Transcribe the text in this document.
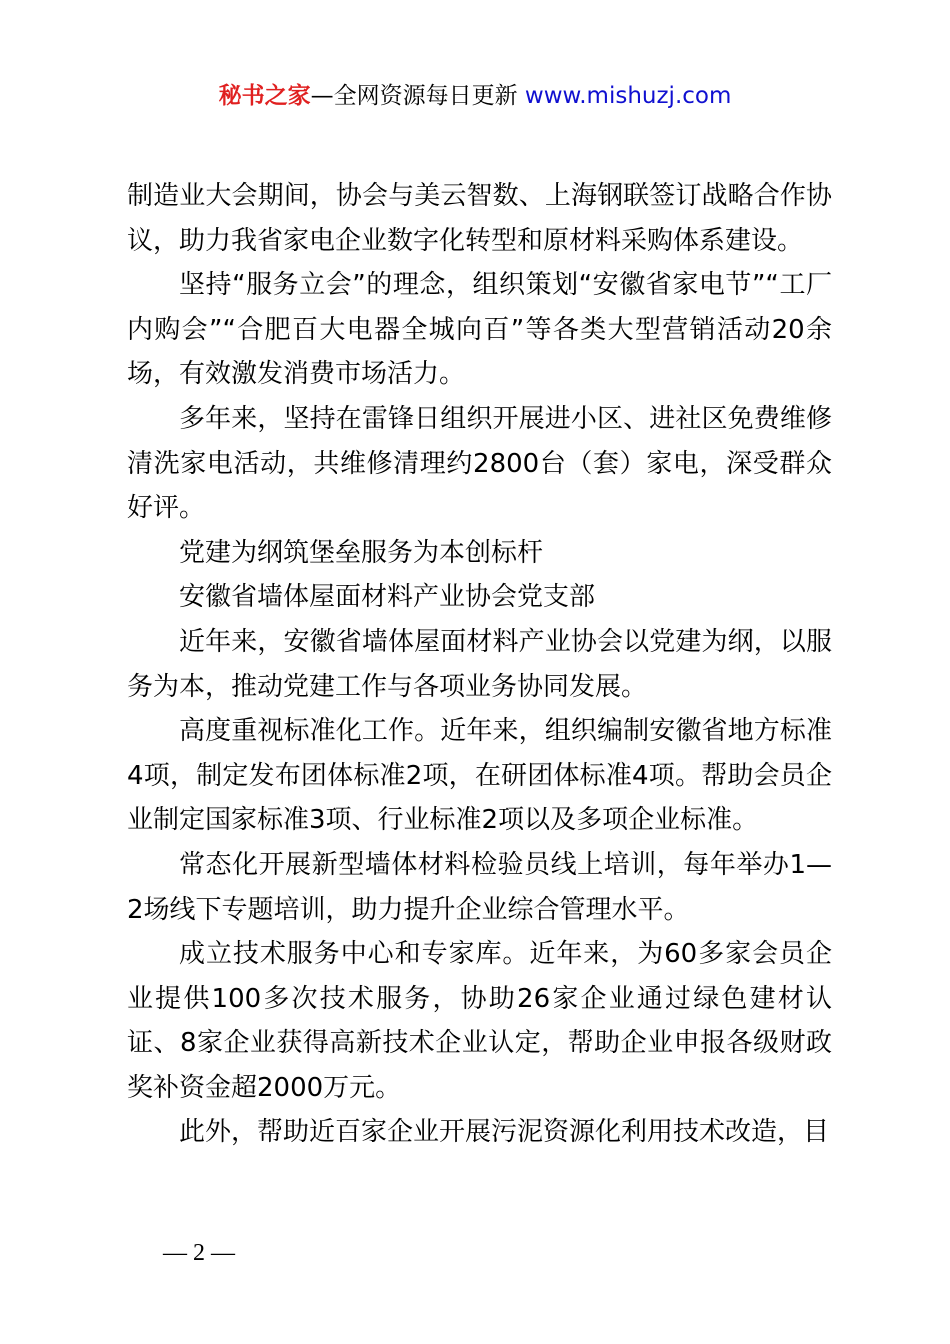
秘书之家—全网资源每日更新 www.mishuzj.com

制造业大会期间，协会与美云智数、上海钢联签订战略合作协议，助力我省家电企业数字化转型和原材料采购体系建设。

坚持“服务立会”的理念，组织策划“安徽省家电节”“工厂内购会”“合肥百大电器全城向百”等各类大型营销活动20余场，有效激发消费市场活力。

多年来，坚持在雷锋日组织开展进小区、进社区免费维修清洗家电活动，共维修清理约2800台（套）家电，深受群众好评。

党建为纲筑堡垒服务为本创标杆

安徽省墙体屋面材料产业协会党支部

近年来，安徽省墙体屋面材料产业协会以党建为纲，以服务为本，推动党建工作与各项业务协同发展。

高度重视标准化工作。近年来，组织编制安徽省地方标准4项，制定发布团体标准2项，在研团体标准4项。帮助会员企业制定国家标准3项、行业标准2项以及多项企业标准。

常态化开展新型墙体材料检验员线上培训，每年举办1—2场线下专题培训，助力提升企业综合管理水平。

成立技术服务中心和专家库。近年来，为60多家会员企业提供100多次技术服务，协助26家企业通过绿色建材认证、8家企业获得高新技术企业认定，帮助企业申报各级财政奖补资金超2000万元。

此外，帮助近百家企业开展污泥资源化利用技术改造，目

— 2 —
